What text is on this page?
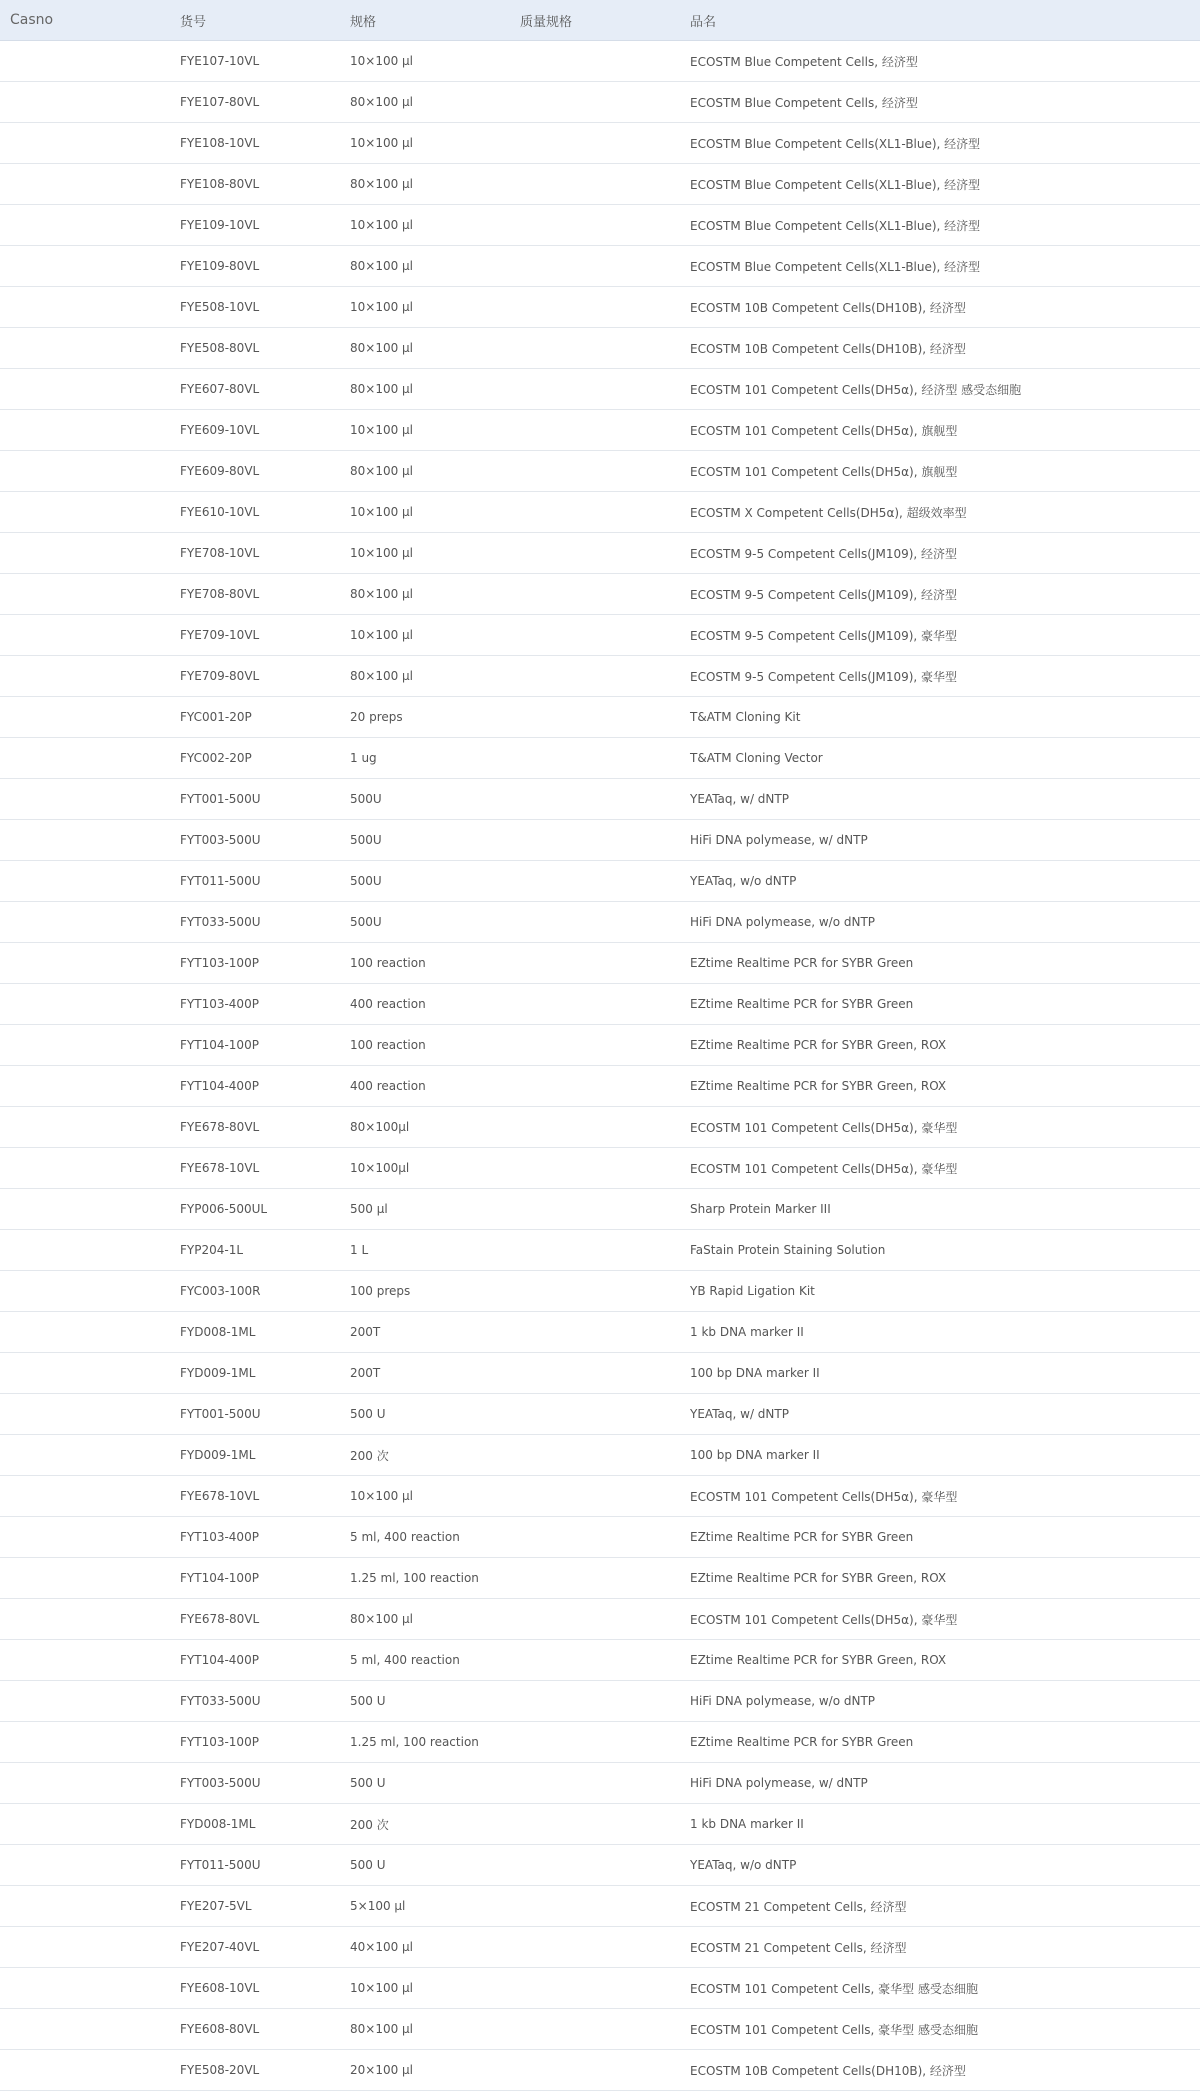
Casno	货号	规格	质量规格	品名
	FYE107-10VL	10×100 μl		ECOSTM Blue Competent Cells, 经济型
	FYE107-80VL	80×100 μl		ECOSTM Blue Competent Cells, 经济型
	FYE108-10VL	10×100 μl		ECOSTM Blue Competent Cells(XL1-Blue), 经济型
	FYE108-80VL	80×100 μl		ECOSTM Blue Competent Cells(XL1-Blue), 经济型
	FYE109-10VL	10×100 μl		ECOSTM Blue Competent Cells(XL1-Blue), 经济型
	FYE109-80VL	80×100 μl		ECOSTM Blue Competent Cells(XL1-Blue), 经济型
	FYE508-10VL	10×100 μl		ECOSTM 10B Competent Cells(DH10B), 经济型
	FYE508-80VL	80×100 μl		ECOSTM 10B Competent Cells(DH10B), 经济型
	FYE607-80VL	80×100 μl		ECOSTM 101 Competent Cells(DH5α), 经济型 感受态细胞
	FYE609-10VL	10×100 μl		ECOSTM 101 Competent Cells(DH5α), 旗舰型
	FYE609-80VL	80×100 μl		ECOSTM 101 Competent Cells(DH5α), 旗舰型
	FYE610-10VL	10×100 μl		ECOSTM X Competent Cells(DH5α), 超级效率型
	FYE708-10VL	10×100 μl		ECOSTM 9-5 Competent Cells(JM109), 经济型
	FYE708-80VL	80×100 μl		ECOSTM 9-5 Competent Cells(JM109), 经济型
	FYE709-10VL	10×100 μl		ECOSTM 9-5 Competent Cells(JM109), 豪华型
	FYE709-80VL	80×100 μl		ECOSTM 9-5 Competent Cells(JM109), 豪华型
	FYC001-20P	20 preps		T&ATM Cloning Kit
	FYC002-20P	1 ug		T&ATM Cloning Vector
	FYT001-500U	500U		YEATaq, w/ dNTP
	FYT003-500U	500U		HiFi DNA polymease, w/ dNTP
	FYT011-500U	500U		YEATaq, w/o dNTP
	FYT033-500U	500U		HiFi DNA polymease, w/o dNTP
	FYT103-100P	100 reaction		EZtime Realtime PCR for SYBR Green
	FYT103-400P	400 reaction		EZtime Realtime PCR for SYBR Green
	FYT104-100P	100 reaction		EZtime Realtime PCR for SYBR Green, ROX
	FYT104-400P	400 reaction		EZtime Realtime PCR for SYBR Green, ROX
	FYE678-80VL	80×100μl		ECOSTM 101 Competent Cells(DH5α), 豪华型
	FYE678-10VL	10×100μl		ECOSTM 101 Competent Cells(DH5α), 豪华型
	FYP006-500UL	500 μl		Sharp Protein Marker III
	FYP204-1L	1 L		FaStain Protein Staining Solution
	FYC003-100R	100 preps		YB Rapid Ligation Kit
	FYD008-1ML	200T		1 kb DNA marker II
	FYD009-1ML	200T		100 bp DNA marker II
	FYT001-500U	500 U		YEATaq, w/ dNTP
	FYD009-1ML	200 次		100 bp DNA marker II
	FYE678-10VL	10×100 μl		ECOSTM 101 Competent Cells(DH5α), 豪华型
	FYT103-400P	5 ml, 400 reaction		EZtime Realtime PCR for SYBR Green
	FYT104-100P	1.25 ml, 100 reaction		EZtime Realtime PCR for SYBR Green, ROX
	FYE678-80VL	80×100 μl		ECOSTM 101 Competent Cells(DH5α), 豪华型
	FYT104-400P	5 ml, 400 reaction		EZtime Realtime PCR for SYBR Green, ROX
	FYT033-500U	500 U		HiFi DNA polymease, w/o dNTP
	FYT103-100P	1.25 ml, 100 reaction		EZtime Realtime PCR for SYBR Green
	FYT003-500U	500 U		HiFi DNA polymease, w/ dNTP
	FYD008-1ML	200 次		1 kb DNA marker II
	FYT011-500U	500 U		YEATaq, w/o dNTP
	FYE207-5VL	5×100 μl		ECOSTM 21 Competent Cells, 经济型
	FYE207-40VL	40×100 μl		ECOSTM 21 Competent Cells, 经济型
	FYE608-10VL	10×100 μl		ECOSTM 101 Competent Cells, 豪华型 感受态细胞
	FYE608-80VL	80×100 μl		ECOSTM 101 Competent Cells, 豪华型 感受态细胞
	FYE508-20VL	20×100 μl		ECOSTM 10B Competent Cells(DH10B), 经济型
